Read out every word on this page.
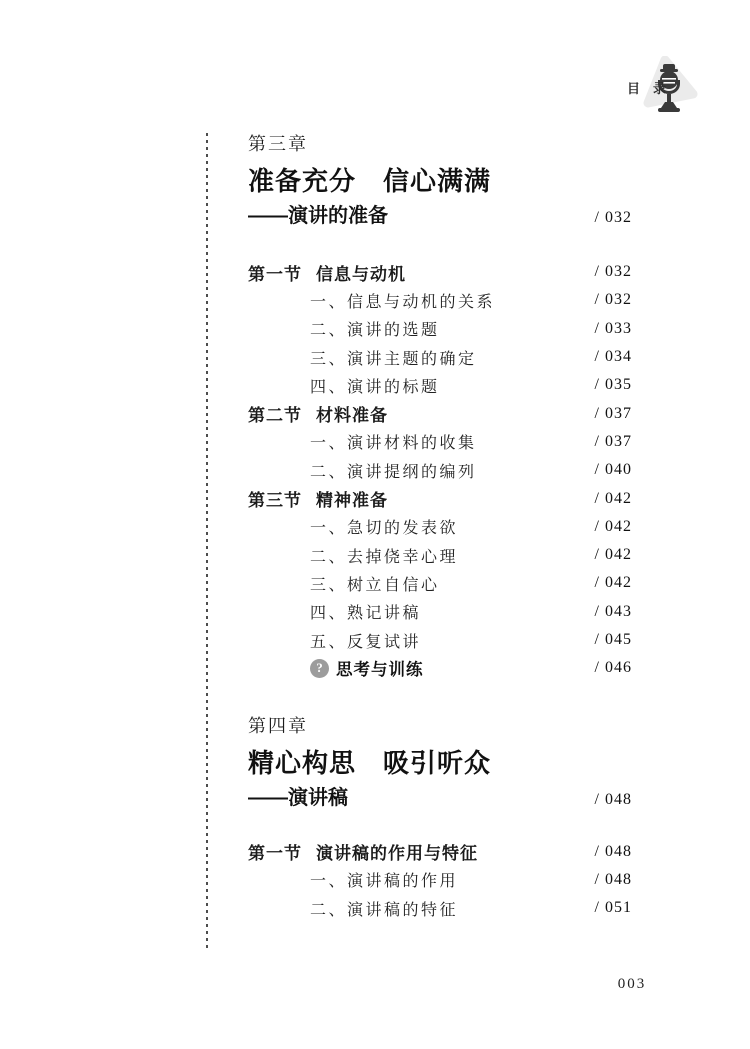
目录
第三章
准备充分　信心满满
——演讲的准备	/ 032
第一节 信息与动机	/ 032
一、信息与动机的关系	/ 032
二、演讲的选题	/ 033
三、演讲主题的确定	/ 034
四、演讲的标题	/ 035
第二节 材料准备	/ 037
一、演讲材料的收集	/ 037
二、演讲提纲的编列	/ 040
第三节 精神准备	/ 042
一、急切的发表欲	/ 042
二、去掉侥幸心理	/ 042
三、树立自信心	/ 042
四、熟记讲稿	/ 043
五、反复试讲	/ 045
? 思考与训练	/ 046
第四章
精心构思　吸引听众
——演讲稿	/ 048
第一节 演讲稿的作用与特征	/ 048
一、演讲稿的作用	/ 048
二、演讲稿的特征	/ 051
003
